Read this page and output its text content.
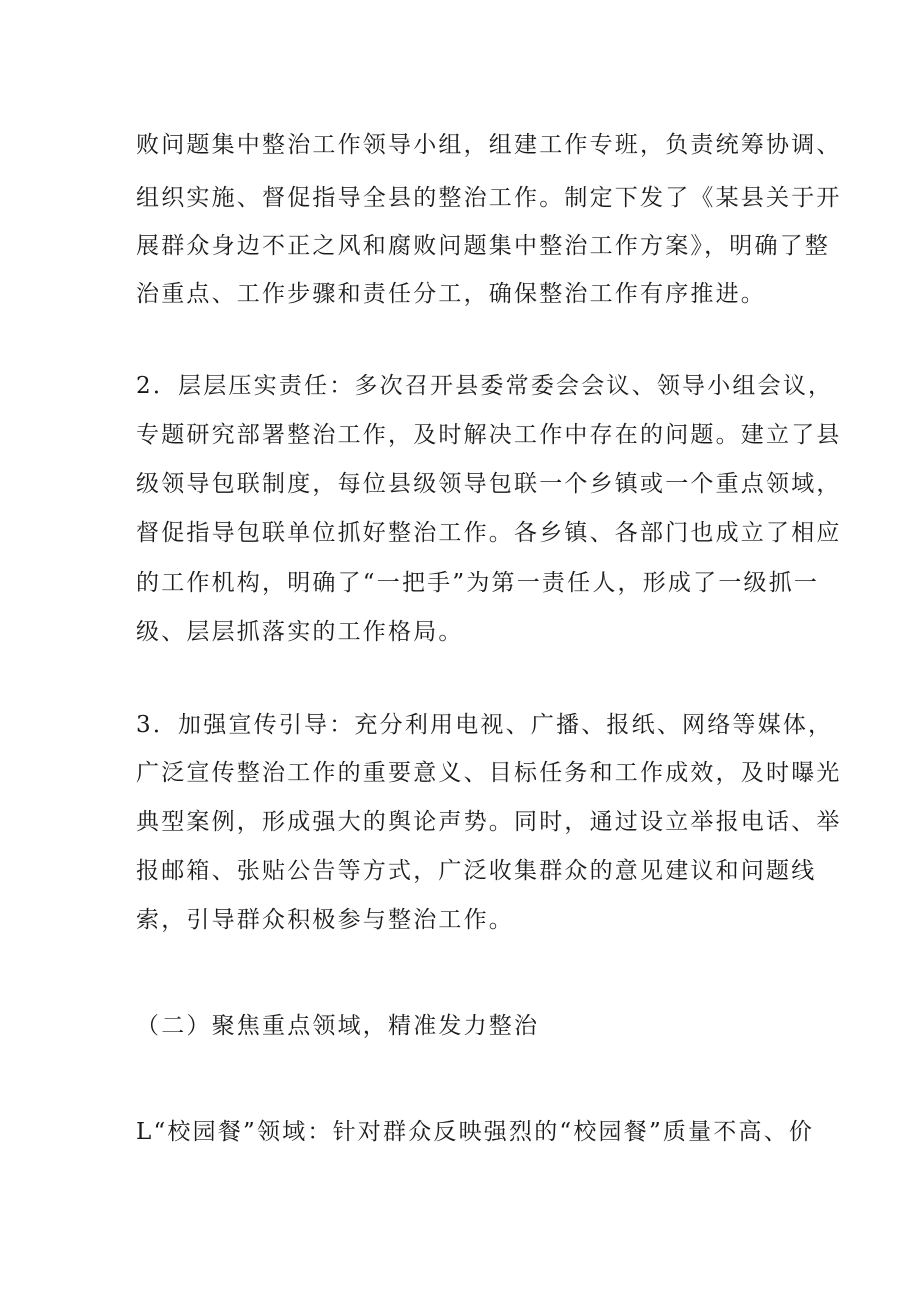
败问题集中整治工作领导小组，组建工作专班，负责统筹协调、
组织实施、督促指导全县的整治工作。制定下发了《某县关于开
展群众身边不正之风和腐败问题集中整治工作方案》，明确了整
治重点、工作步骤和责任分工，确保整治工作有序推进。
2．层层压实责任：多次召开县委常委会会议、领导小组会议，
专题研究部署整治工作，及时解决工作中存在的问题。建立了县
级领导包联制度，每位县级领导包联一个乡镇或一个重点领域，
督促指导包联单位抓好整治工作。各乡镇、各部门也成立了相应
的工作机构，明确了“一把手”为第一责任人，形成了一级抓一
级、层层抓落实的工作格局。
3．加强宣传引导：充分利用电视、广播、报纸、网络等媒体，
广泛宣传整治工作的重要意义、目标任务和工作成效，及时曝光
典型案例，形成强大的舆论声势。同时，通过设立举报电话、举
报邮箱、张贴公告等方式，广泛收集群众的意见建议和问题线
索，引导群众积极参与整治工作。
（二）聚焦重点领域，精准发力整治
L“校园餐”领域：针对群众反映强烈的“校园餐”质量不高、价
